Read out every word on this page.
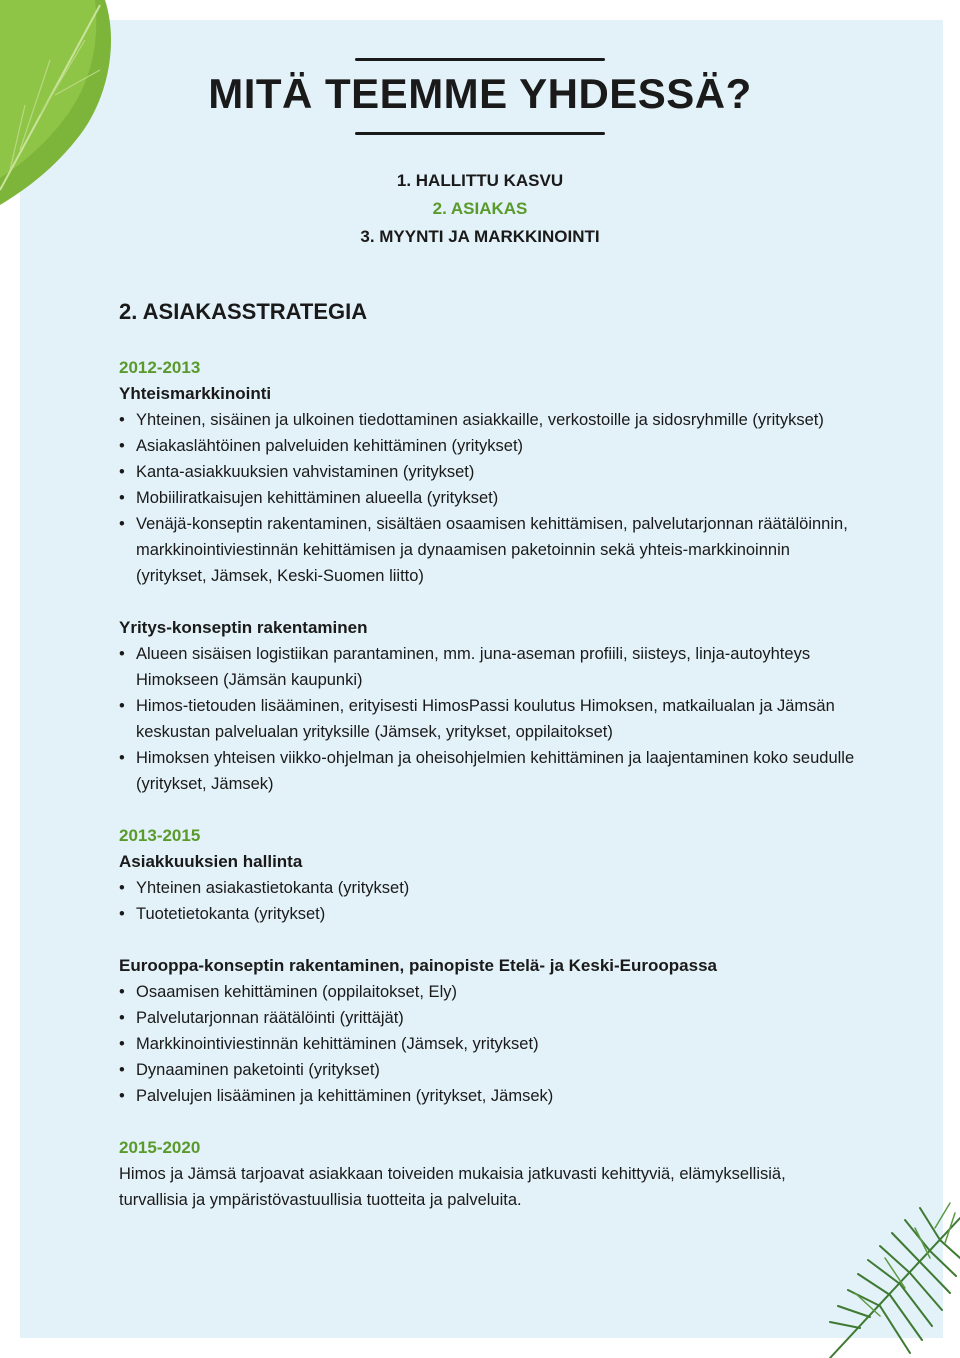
MITÄ TEEMME YHDESSÄ?
1. HALLITTU KASVU
2. ASIAKAS
3. MYYNTI JA MARKKINOINTI
2. ASIAKASSTRATEGIA
2012-2013
Yhteismarkkinointi
• Yhteinen, sisäinen ja ulkoinen tiedottaminen asiakkaille, verkostoille ja sidosryhmille (yritykset)
• Asiakaslähtöinen palveluiden kehittäminen (yritykset)
• Kanta-asiakkuuksien vahvistaminen (yritykset)
• Mobiiliratkaisujen kehittäminen alueella (yritykset)
• Venäjä-konseptin rakentaminen, sisältäen osaamisen kehittämisen, palvelutarjonnan räätälöinnin, markkinointiviestinnän kehittämisen ja dynaamisen paketoinnin sekä yhteis-markkinoinnin (yritykset, Jämsek, Keski-Suomen liitto)
Yritys-konseptin rakentaminen
• Alueen sisäisen logistiikan parantaminen, mm. juna-aseman profiili, siisteys, linja-autoyhteys Himokseen (Jämsän kaupunki)
• Himos-tietouden lisääminen, erityisesti HimosPassi koulutus Himoksen, matkailualan ja Jämsän keskustan palvelualan yrityksille (Jämsek, yritykset, oppilaitokset)
• Himoksen yhteisen viikko-ohjelman ja oheisohjelmien kehittäminen ja laajentaminen koko seudulle (yritykset, Jämsek)
2013-2015
Asiakkuuksien hallinta
• Yhteinen asiakastietokanta (yritykset)
• Tuotetietokanta (yritykset)
Eurooppa-konseptin rakentaminen, painopiste Etelä- ja Keski-Euroopassa
• Osaamisen kehittäminen (oppilaitokset, Ely)
• Palvelutarjonnan räätälöinti (yrittäjät)
• Markkinointiviestinnän kehittäminen (Jämsek, yritykset)
• Dynaaminen paketointi (yritykset)
• Palvelujen lisääminen ja kehittäminen (yritykset, Jämsek)
2015-2020

Himos ja Jämsä tarjoavat asiakkaan toiveiden mukaisia jatkuvasti kehittyviä, elämyksellisiä, turvallisia ja ympäristövastuullisia tuotteita ja palveluita.
